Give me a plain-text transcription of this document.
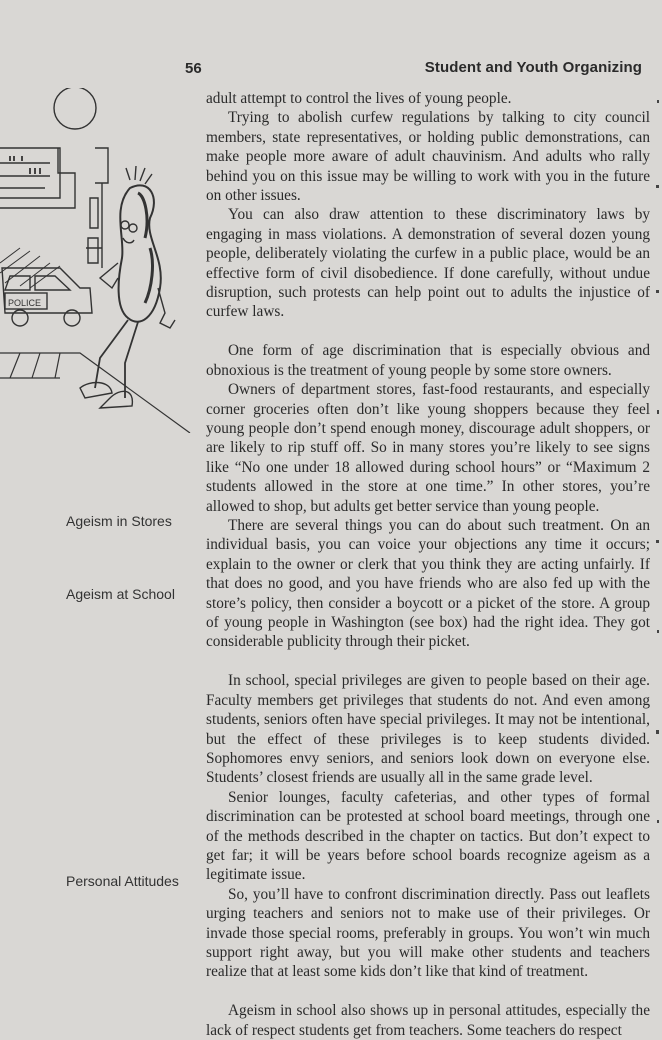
56	Student and Youth Organizing
POLICE
Ageism in Stores
Ageism at School
Personal Attitudes

adult attempt to control the lives of young people.

Trying to abolish curfew regulations by talking to city council members, state representatives, or holding public demonstrations, can make people more aware of adult chauvinism. And adults who rally behind you on this issue may be willing to work with you in the future on other issues.

You can also draw attention to these discriminatory laws by engaging in mass violations. A demonstration of several dozen young people, deliberately violating the curfew in a public place, would be an effective form of civil disobedience. If done carefully, without undue disruption, such protests can help point out to adults the injustice of curfew laws.

One form of age discrimination that is especially obvious and obnoxious is the treatment of young people by some store owners.

Owners of department stores, fast-food restaurants, and especially corner groceries often don’t like young shoppers because they feel young people don’t spend enough money, discourage adult shoppers, or are likely to rip stuff off. So in many stores you’re likely to see signs like “No one under 18 allowed during school hours” or “Maximum 2 students allowed in the store at one time.” In other stores, you’re allowed to shop, but adults get better service than young people.

There are several things you can do about such treatment. On an individual basis, you can voice your objections any time it occurs; explain to the owner or clerk that you think they are acting unfairly. If that does no good, and you have friends who are also fed up with the store’s policy, then consider a boycott or a picket of the store. A group of young people in Washington (see box) had the right idea. They got considerable publicity through their picket.

In school, special privileges are given to people based on their age. Faculty members get privileges that students do not. And even among students, seniors often have special privileges. It may not be intentional, but the effect of these privileges is to keep students divided. Sophomores envy seniors, and seniors look down on everyone else. Students’ closest friends are usually all in the same grade level.

Senior lounges, faculty cafeterias, and other types of formal discrimination can be protested at school board meetings, through one of the methods described in the chapter on tactics. But don’t expect to get far; it will be years before school boards recognize ageism as a legitimate issue.

So, you’ll have to confront discrimination directly. Pass out leaflets urging teachers and seniors not to make use of their privileges. Or invade those special rooms, preferably in groups. You won’t win much support right away, but you will make other students and teachers realize that at least some kids don’t like that kind of treatment.

Ageism in school also shows up in personal attitudes, especially the lack of respect students get from teachers. Some teachers do respect
